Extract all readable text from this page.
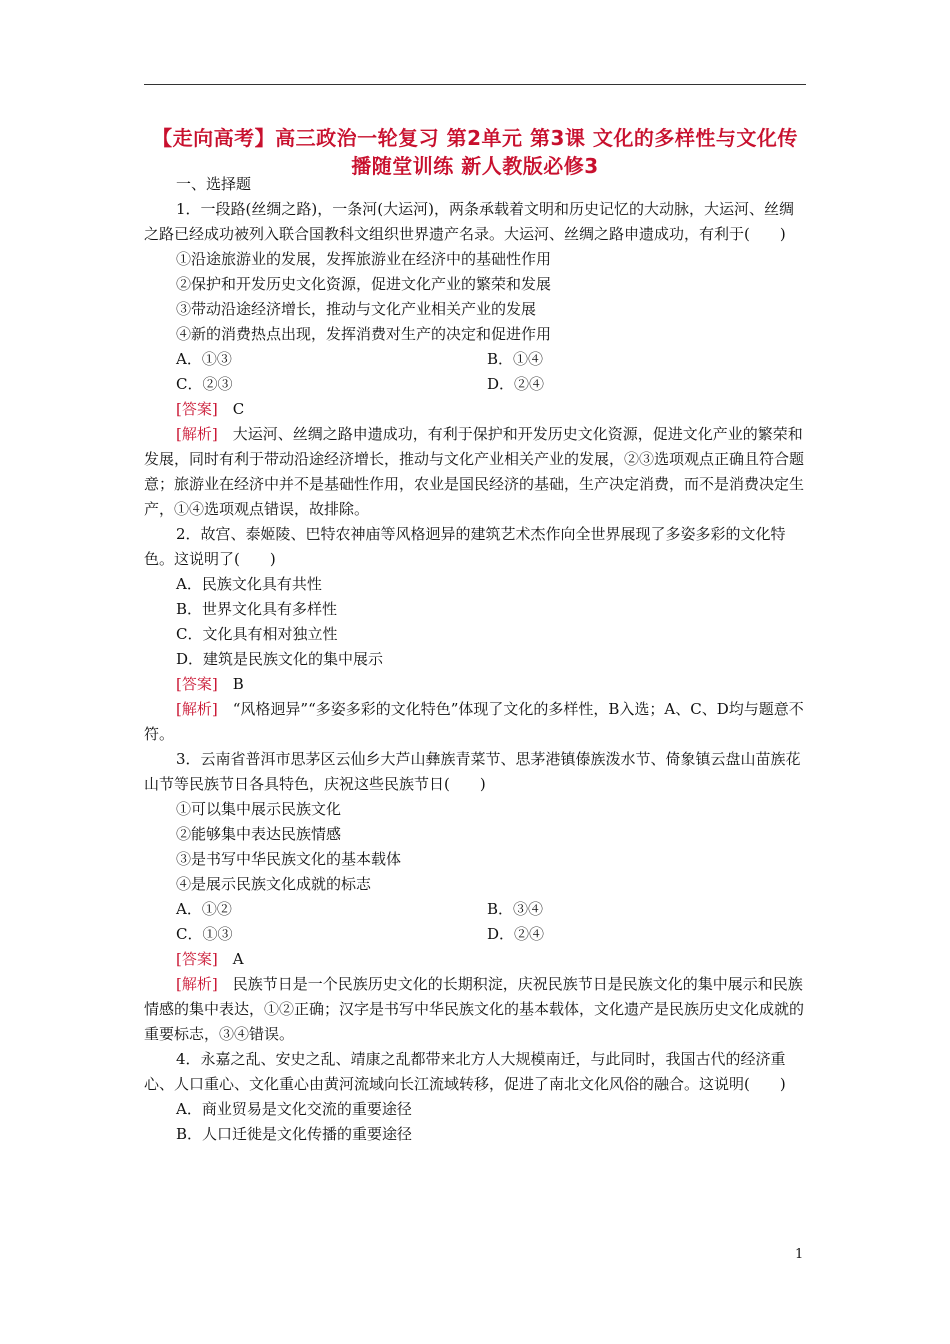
【走向高考】高三政治一轮复习 第2单元 第3课 文化的多样性与文化传播随堂训练 新人教版必修3

一、选择题

1．一段路(丝绸之路)，一条河(大运河)，两条承载着文明和历史记忆的大动脉，大运河、丝绸之路已经成功被列入联合国教科文组织世界遗产名录。大运河、丝绸之路申遗成功，有利于(　　)

①沿途旅游业的发展，发挥旅游业在经济中的基础性作用

②保护和开发历史文化资源，促进文化产业的繁荣和发展

③带动沿途经济增长，推动与文化产业相关产业的发展

④新的消费热点出现，发挥消费对生产的决定和促进作用

A．①③	B．①④
C．②③	D．②④

[答案]　 C

[解析]　 大运河、丝绸之路申遗成功，有利于保护和开发历史文化资源，促进文化产业的繁荣和发展，同时有利于带动沿途经济增长，推动与文化产业相关产业的发展，②③选项观点正确且符合题意；旅游业在经济中并不是基础性作用，农业是国民经济的基础，生产决定消费，而不是消费决定生产，①④选项观点错误，故排除。

2．故宫、泰姬陵、巴特农神庙等风格迥异的建筑艺术杰作向全世界展现了多姿多彩的文化特色。这说明了(　　)

A．民族文化具有共性

B．世界文化具有多样性

C．文化具有相对独立性

D．建筑是民族文化的集中展示

[答案]　 B

[解析]　 “风格迥异”“多姿多彩的文化特色”体现了文化的多样性，B入选；A、C、D均与题意不符。

3．云南省普洱市思茅区云仙乡大芦山彝族青菜节、思茅港镇傣族泼水节、倚象镇云盘山苗族花山节等民族节日各具特色，庆祝这些民族节日(　　)

①可以集中展示民族文化

②能够集中表达民族情感

③是书写中华民族文化的基本载体

④是展示民族文化成就的标志

A．①②	B．③④
C．①③	D．②④

[答案]　 A

[解析]　 民族节日是一个民族历史文化的长期积淀，庆祝民族节日是民族文化的集中展示和民族情感的集中表达，①②正确；汉字是书写中华民族文化的基本载体，文化遗产是民族历史文化成就的重要标志，③④错误。

4．永嘉之乱、安史之乱、靖康之乱都带来北方人大规模南迁，与此同时，我国古代的经济重心、人口重心、文化重心由黄河流域向长江流域转移，促进了南北文化风俗的融合。这说明(　　)

A．商业贸易是文化交流的重要途径

B．人口迁徙是文化传播的重要途径

1
